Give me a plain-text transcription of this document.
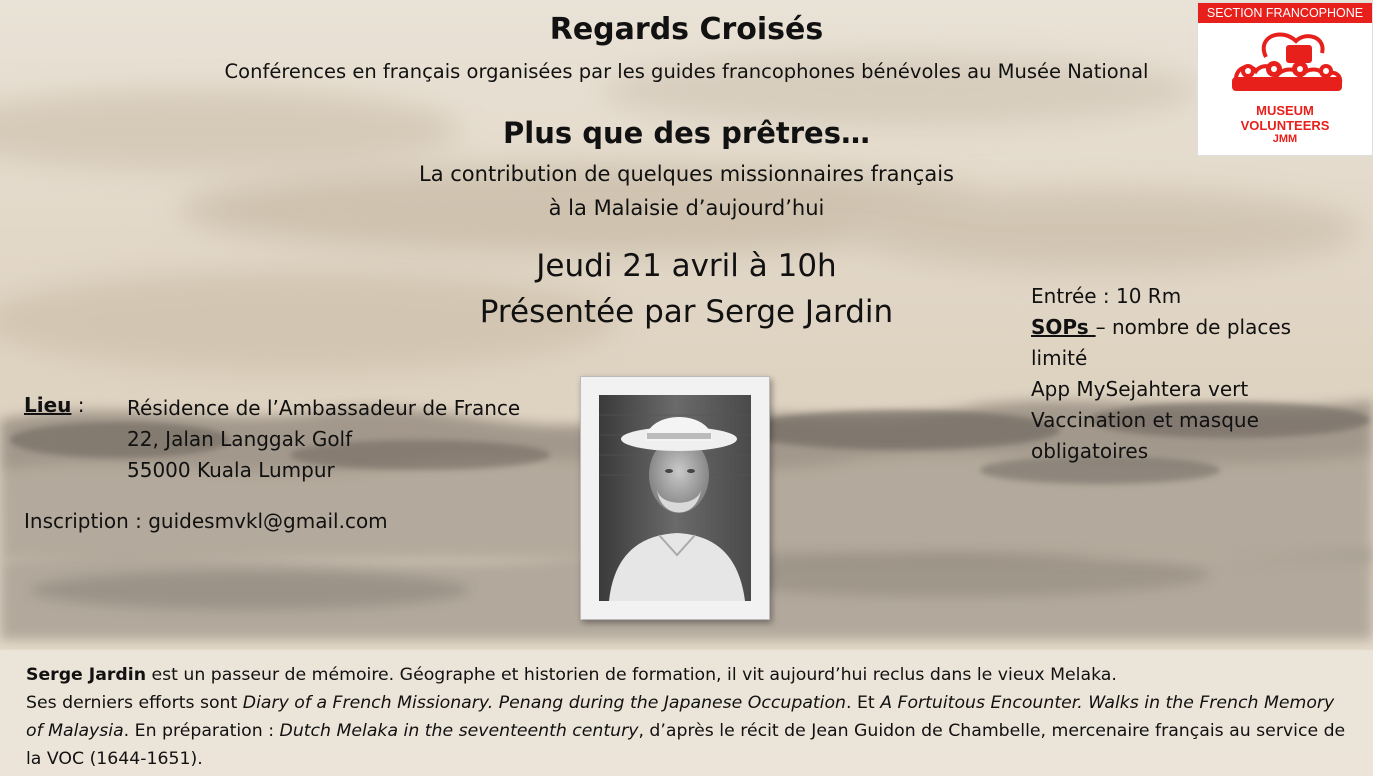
Regards Croisés
Conférences en français organisées par les guides francophones bénévoles au Musée National
Plus que des prêtres…
La contribution de quelques missionnaires français
à la Malaisie d’aujourd’hui
Jeudi 21 avril à 10h
Présentée par Serge Jardin
Lieu : Résidence de l’Ambassadeur de France
22, Jalan Langgak Golf
55000 Kuala Lumpur
Inscription : guidesmvkl@gmail.com
Entrée : 10 Rm
SOPs – nombre de places limité
App MySejahtera vert
Vaccination et masque obligatoires
SECTION FRANCOPHONE
MUSEUM
VOLUNTEERS
JMM
Serge Jardin est un passeur de mémoire. Géographe et historien de formation, il vit aujourd’hui reclus dans le vieux Melaka.
Ses derniers efforts sont Diary of a French Missionary. Penang during the Japanese Occupation. Et A Fortuitous Encounter. Walks in the French Memory of Malaysia. En préparation : Dutch Melaka in the seventeenth century, d’après le récit de Jean Guidon de Chambelle, mercenaire français au service de la VOC (1644-1651).
